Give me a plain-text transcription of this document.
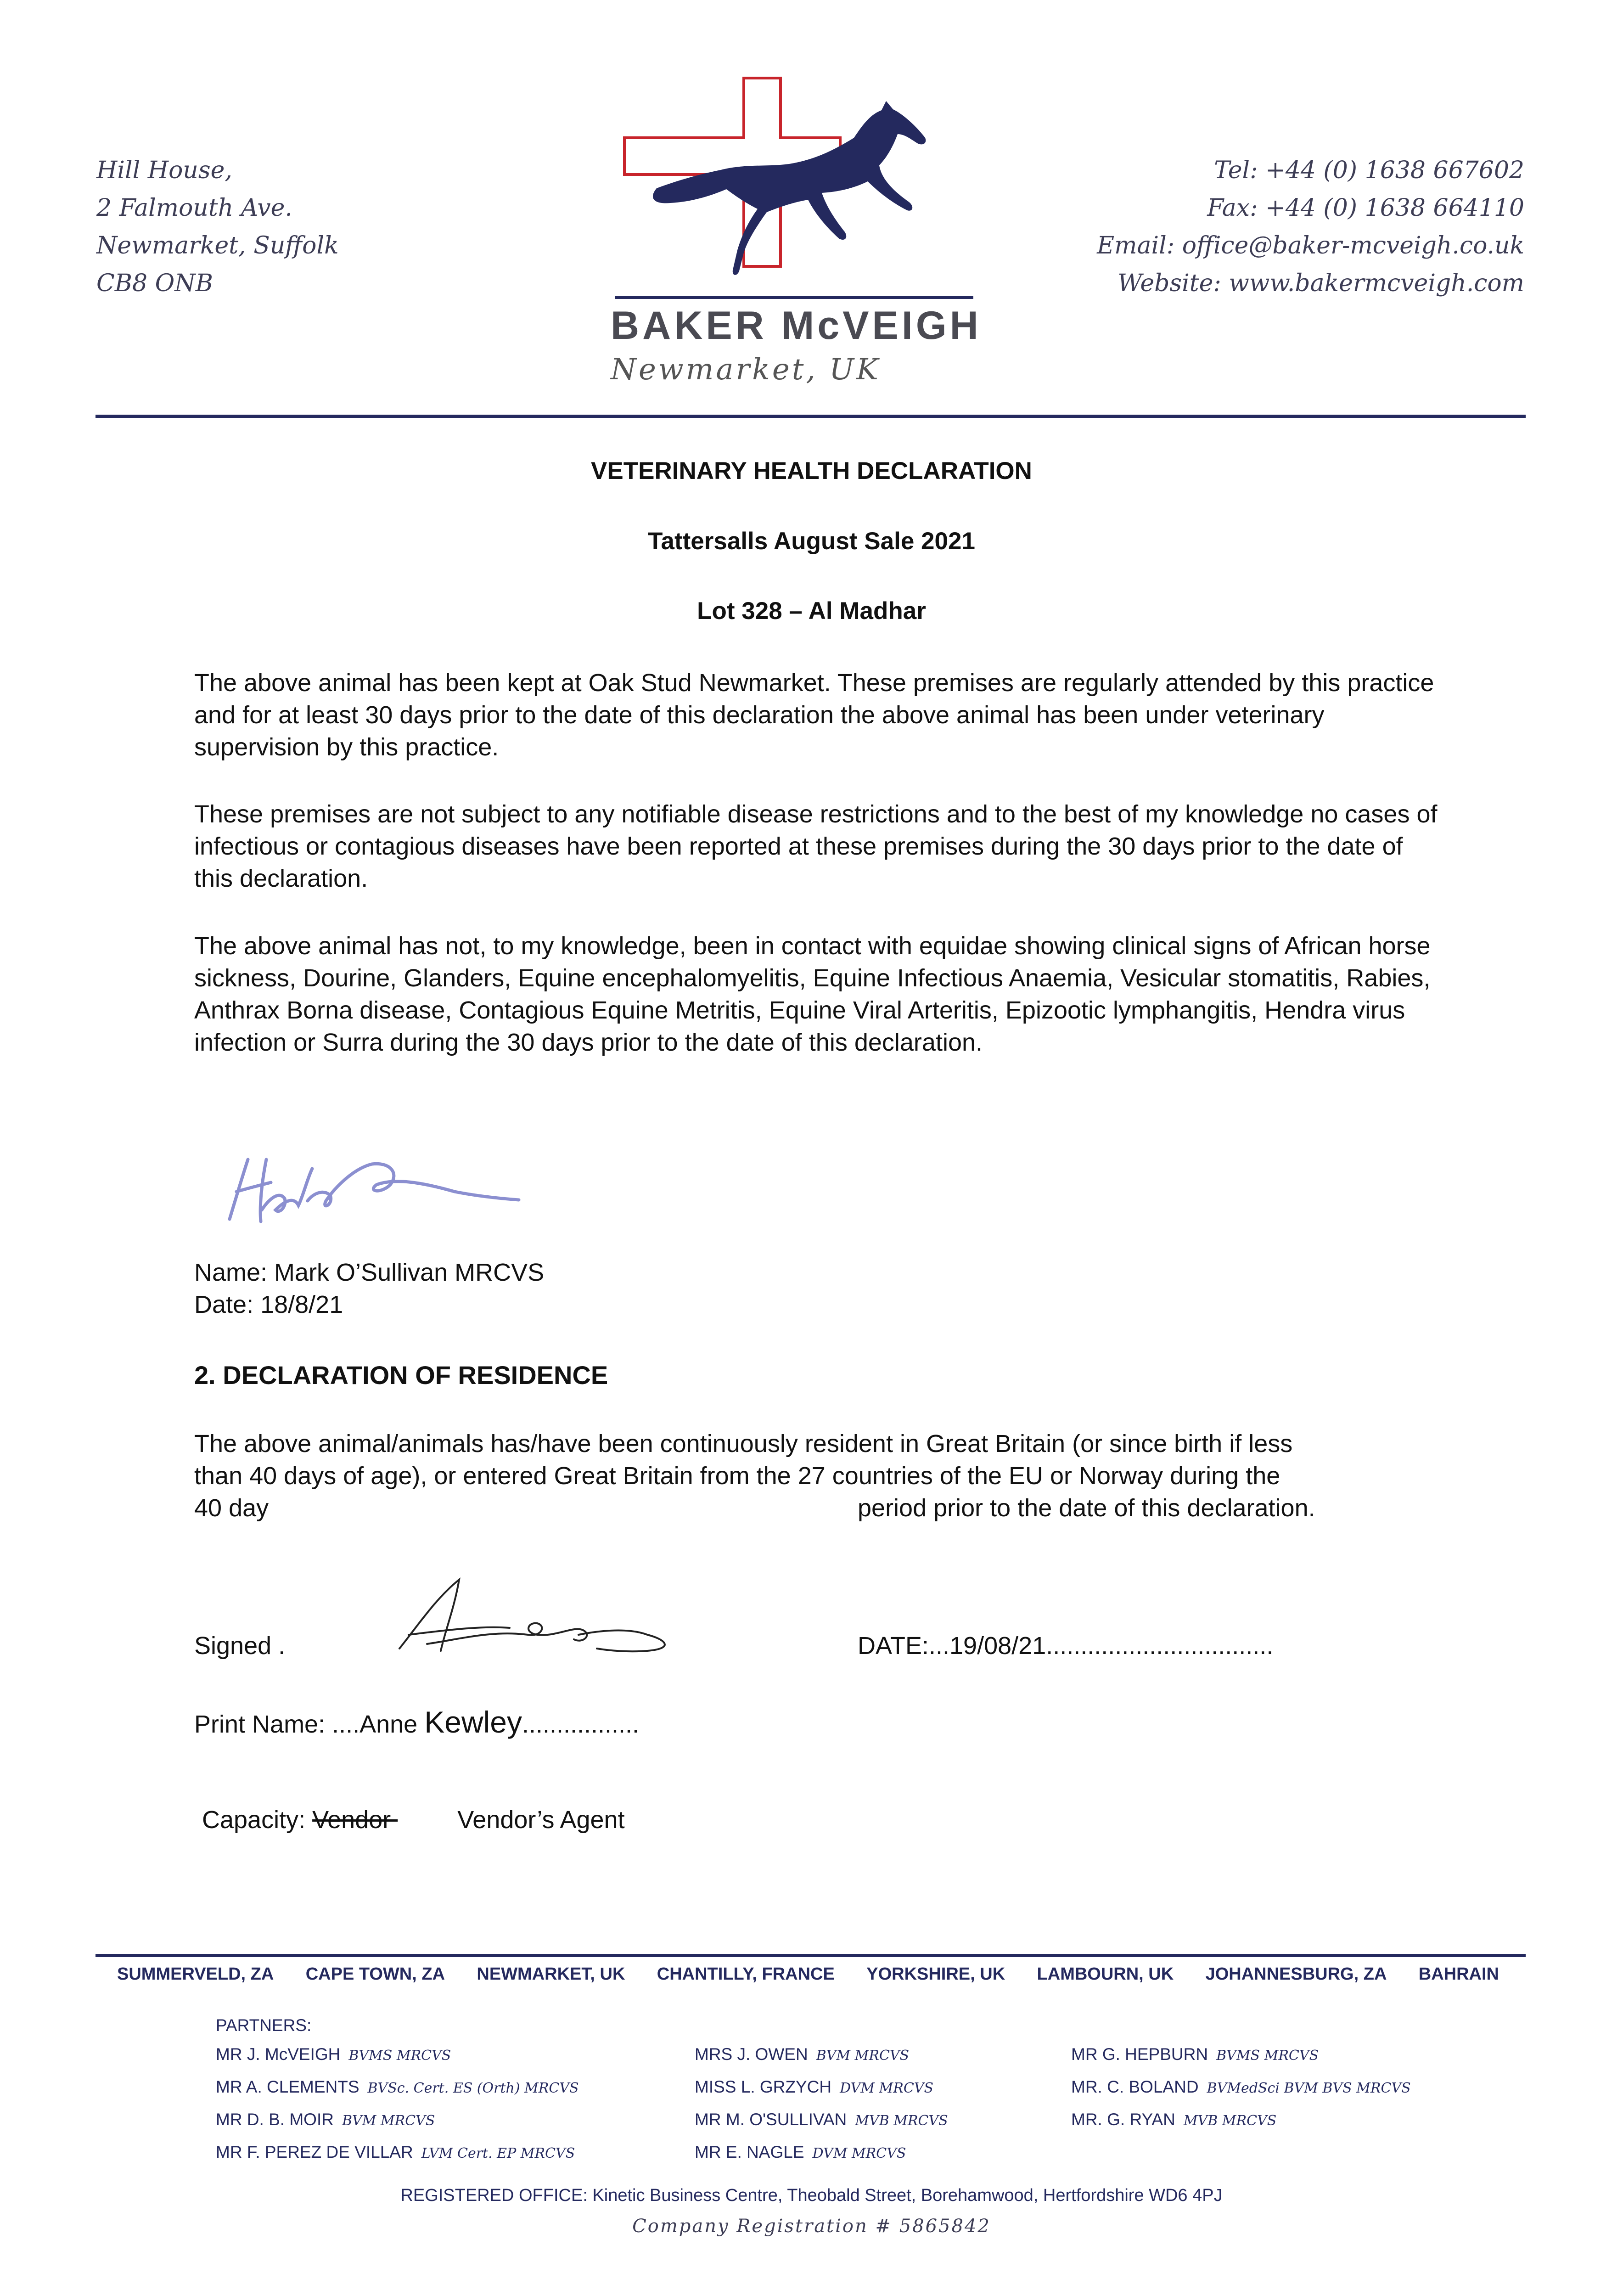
Hill House,
2 Falmouth Ave.
Newmarket, Suffolk
CB8 ONB
BAKER McVEIGH
Newmarket, UK
Tel: +44 (0) 1638 667602
Fax: +44 (0) 1638 664110
Email: office@baker-mcveigh.co.uk
Website: www.bakermcveigh.com
VETERINARY HEALTH DECLARATION
Tattersalls August Sale 2021
Lot 328 – Al Madhar
The above animal has been kept at Oak Stud Newmarket. These premises are regularly attended by this practice and for at least 30 days prior to the date of this declaration the above animal has been under veterinary supervision by this practice.
These premises are not subject to any notifiable disease restrictions and to the best of my knowledge no cases of infectious or contagious diseases have been reported at these premises during the 30 days prior to the date of this declaration.
The above animal has not, to my knowledge, been in contact with equidae showing clinical signs of African horse sickness, Dourine, Glanders, Equine encephalomyelitis, Equine Infectious Anaemia, Vesicular stomatitis, Rabies, Anthrax Borna disease, Contagious Equine Metritis, Equine Viral Arteritis, Epizootic lymphangitis, Hendra virus infection or Surra during the 30 days prior to the date of this declaration.
Name: Mark O’Sullivan MRCVS
Date: 18/8/21
2. DECLARATION OF RESIDENCE
The above animal/animals has/have been continuously resident in Great Britain (or since birth if less
than 40 days of age), or entered Great Britain from the 27 countries of the EU or Norway during the
40 day	period prior to the date of this declaration.
Signed .	DATE:...19/08/21.................................
Print Name: ....Anne Kewley.................
Capacity: Vendor Vendor’s Agent
SUMMERVELD, ZA CAPE TOWN, ZA NEWMARKET, UK CHANTILLY, FRANCE YORKSHIRE, UK LAMBOURN, UK JOHANNESBURG, ZA BAHRAIN
PARTNERS:
MR J. McVEIGH BVMS MRCVS
MR A. CLEMENTS BVSc. Cert. ES (Orth) MRCVS
MR D. B. MOIR BVM MRCVS
MR F. PEREZ DE VILLAR LVM Cert. EP MRCVS
MRS J. OWEN BVM MRCVS
MISS L. GRZYCH DVM MRCVS
MR M. O'SULLIVAN MVB MRCVS
MR E. NAGLE DVM MRCVS
MR G. HEPBURN BVMS MRCVS
MR. C. BOLAND BVMedSci BVM BVS MRCVS
MR. G. RYAN MVB MRCVS
REGISTERED OFFICE: Kinetic Business Centre, Theobald Street, Borehamwood, Hertfordshire WD6 4PJ
Company Registration # 5865842
